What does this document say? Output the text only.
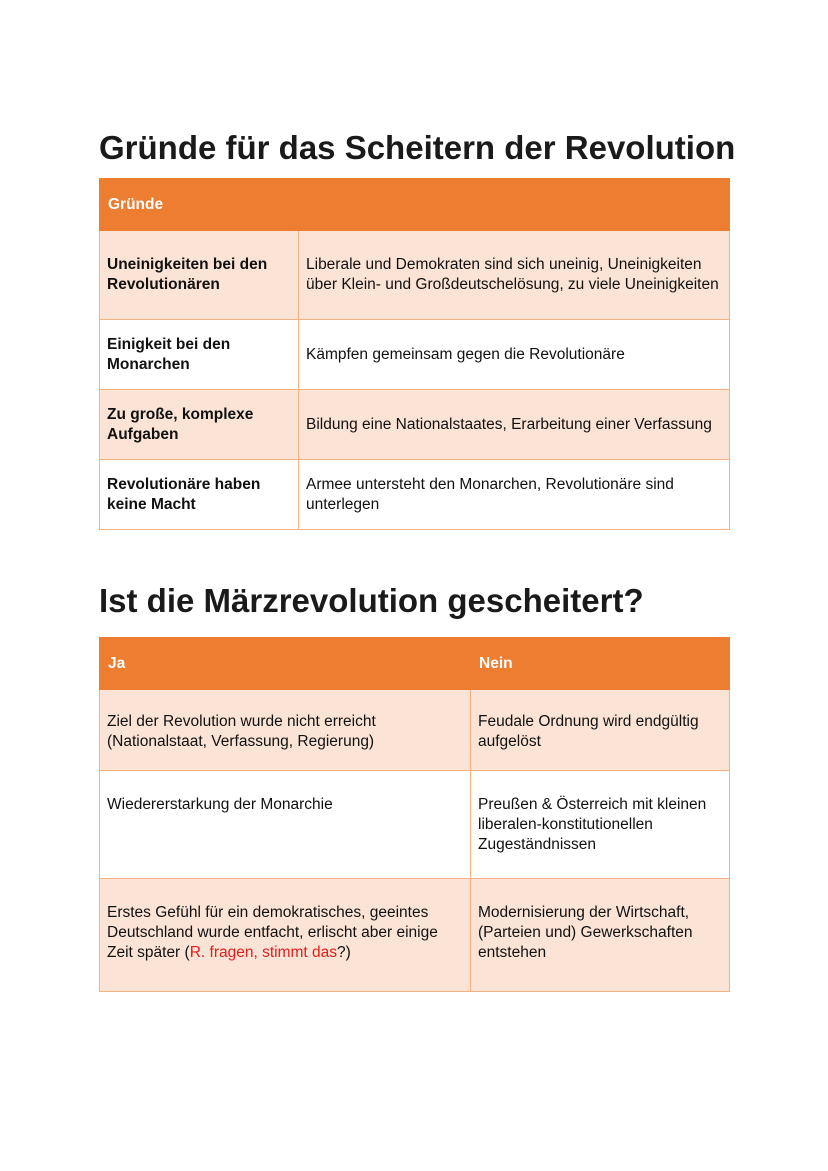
Gründe für das Scheitern der Revolution
Gründe	
Uneinigkeiten bei den Revolutionären	Liberale und Demokraten sind sich uneinig, Uneinigkeiten über Klein- und Großdeutschelösung, zu viele Uneinigkeiten
Einigkeit bei den Monarchen	Kämpfen gemeinsam gegen die Revolutionäre
Zu große, komplexe Aufgaben	Bildung eine Nationalstaates, Erarbeitung einer Verfassung
Revolutionäre haben keine Macht	Armee untersteht den Monarchen, Revolutionäre sind unterlegen
Ist die Märzrevolution gescheitert?
Ja	Nein
Ziel der Revolution wurde nicht erreicht (Nationalstaat, Verfassung, Regierung)	Feudale Ordnung wird endgültig aufgelöst
Wiedererstarkung der Monarchie	Preußen & Österreich mit kleinen liberalen-konstitutionellen Zugeständnissen
Erstes Gefühl für ein demokratisches, geeintes Deutschland wurde entfacht, erlischt aber einige Zeit später (R. fragen, stimmt das?)	Modernisierung der Wirtschaft, (Parteien und) Gewerkschaften entstehen
